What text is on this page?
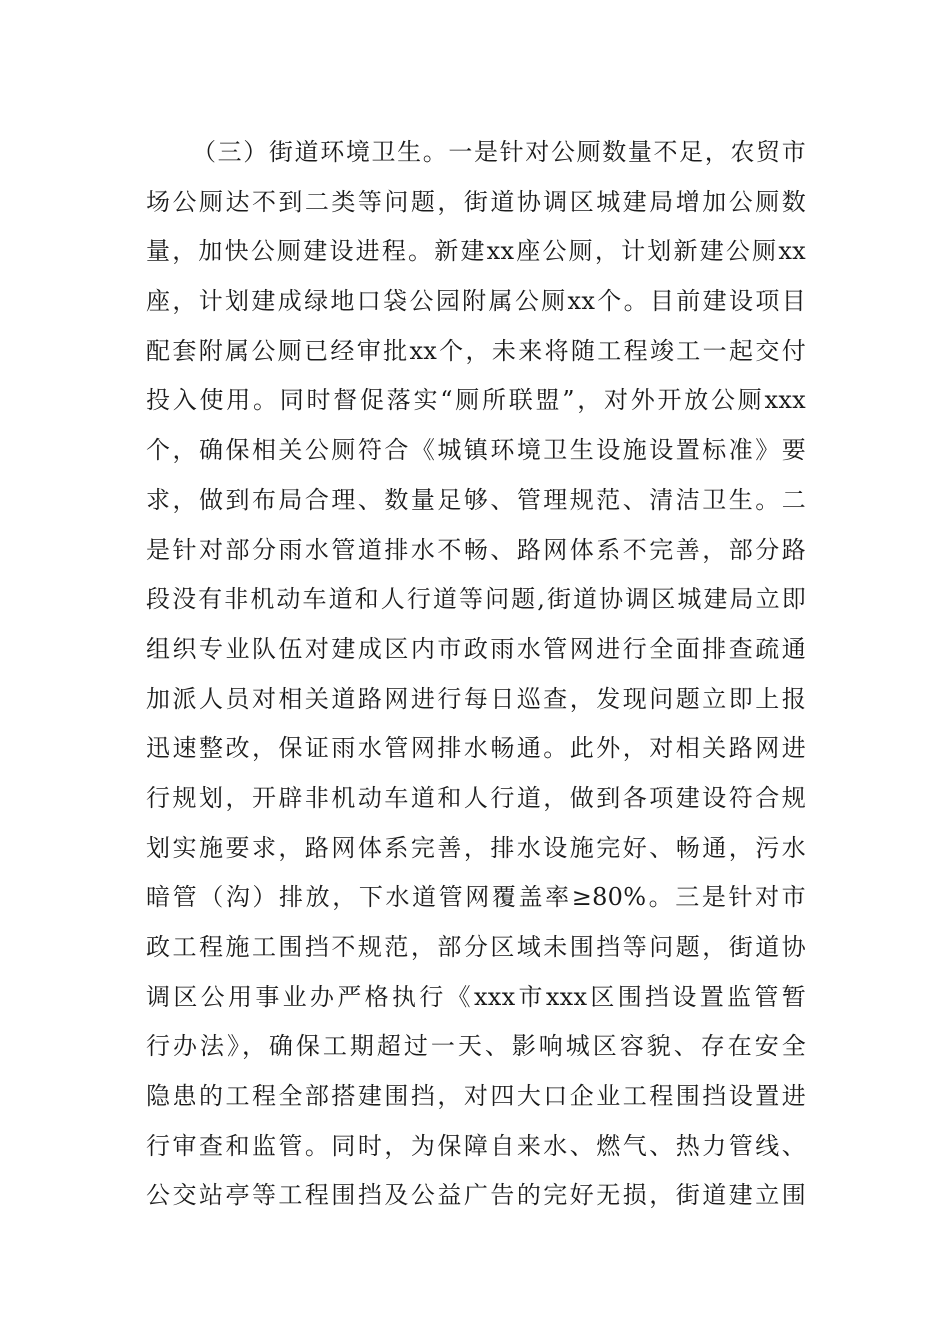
（三）街道环境卫生。一是针对公厕数量不足，农贸市
场公厕达不到二类等问题，街道协调区城建局增加公厕数
量，加快公厕建设进程。新建xx座公厕，计划新建公厕xx
座，计划建成绿地口袋公园附属公厕xx个。目前建设项目
配套附属公厕已经审批xx个，未来将随工程竣工一起交付
投入使用。同时督促落实“厕所联盟”，对外开放公厕xxx
个，确保相关公厕符合《城镇环境卫生设施设置标准》要
求，做到布局合理、数量足够、管理规范、清洁卫生。二
是针对部分雨水管道排水不畅、路网体系不完善，部分路
段没有非机动车道和人行道等问题,街道协调区城建局立即
组织专业队伍对建成区内市政雨水管网进行全面排查疏通
加派人员对相关道路网进行每日巡查，发现问题立即上报
迅速整改，保证雨水管网排水畅通。此外，对相关路网进
行规划，开辟非机动车道和人行道，做到各项建设符合规
划实施要求，路网体系完善，排水设施完好、畅通，污水
暗管（沟）排放，下水道管网覆盖率≥80%。三是针对市
政工程施工围挡不规范，部分区域未围挡等问题，街道协
调区公用事业办严格执行《xxx市xxx区围挡设置监管暂
行办法》，确保工期超过一天、影响城区容貌、存在安全
隐患的工程全部搭建围挡，对四大口企业工程围挡设置进
行审查和监管。同时，为保障自来水、燃气、热力管线、
公交站亭等工程围挡及公益广告的完好无损，街道建立围
